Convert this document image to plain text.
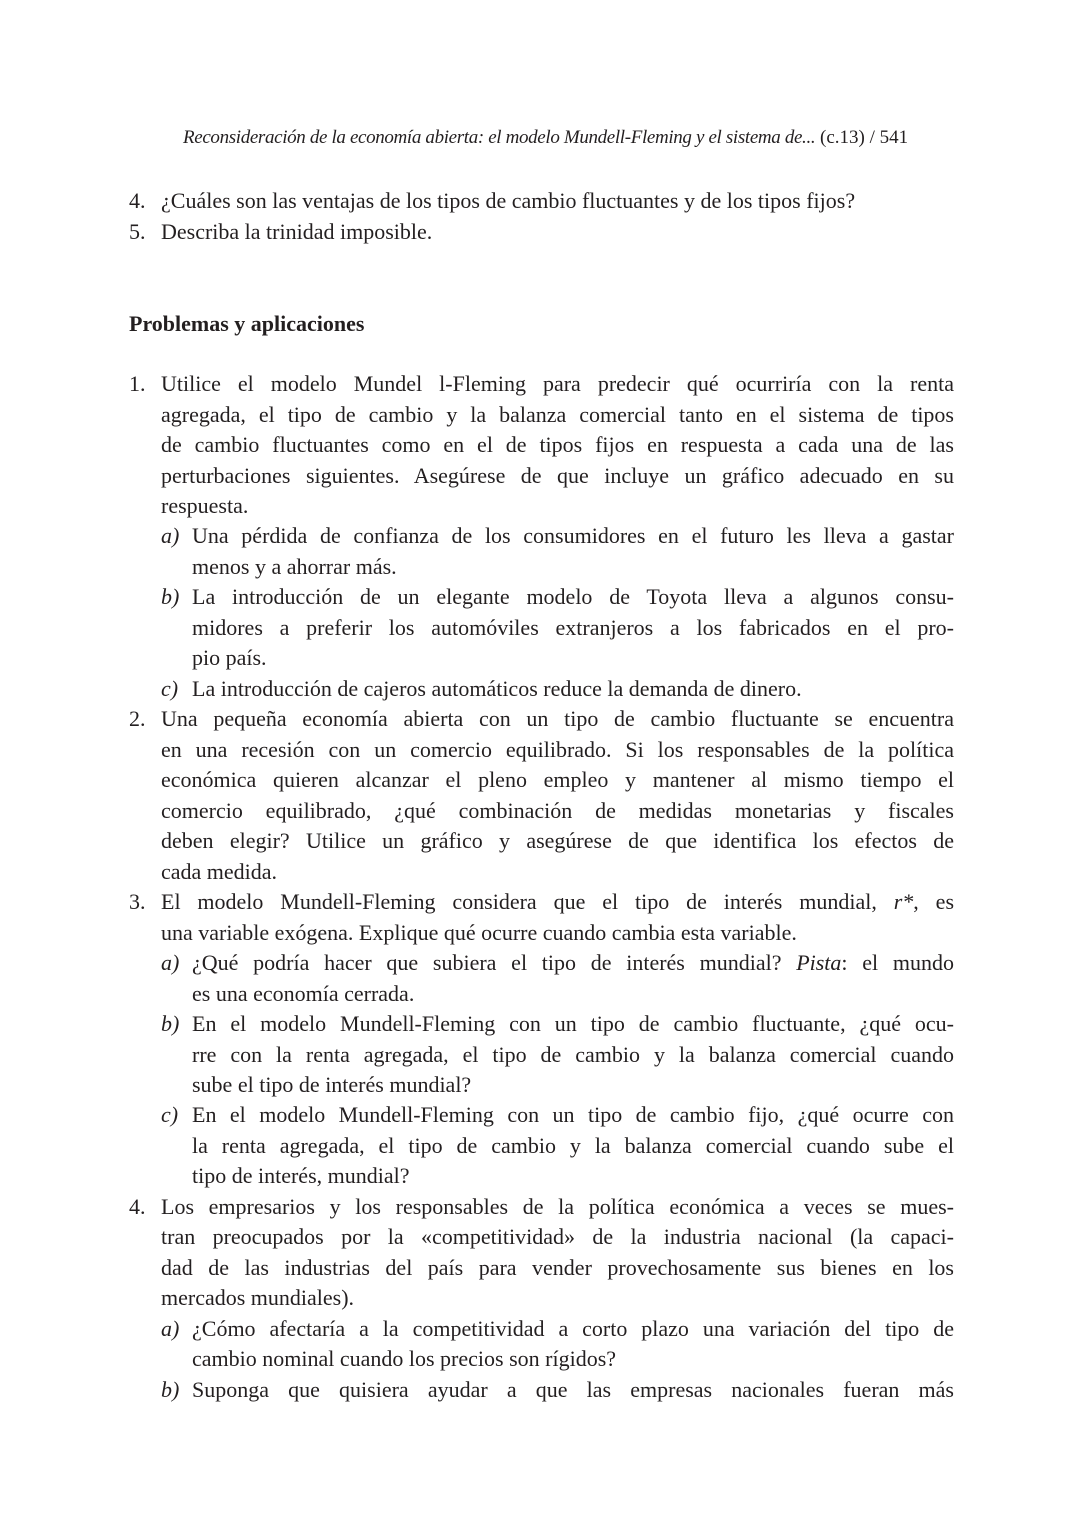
Reconsideración de la economía abierta: el modelo Mundell-Fleming y el sistema de... (c.13) / 541
4. ¿Cuáles son las ventajas de los tipos de cambio fluctuantes y de los tipos fijos?
5. Describa la trinidad imposible.
Problemas y aplicaciones
1. Utilice el modelo Mundel l-Fleming para predecir qué ocurriría con la renta
agregada, el tipo de cambio y la balanza comercial tanto en el sistema de tipos
de cambio fluctuantes como en el de tipos fijos en respuesta a cada una de las
perturbaciones siguientes. Asegúrese de que incluye un gráfico adecuado en su
respuesta.
a) Una pérdida de confianza de los consumidores en el futuro les lleva a gastar
menos y a ahorrar más.
b) La introducción de un elegante modelo de Toyota lleva a algunos consu-
midores a preferir los automóviles extranjeros a los fabricados en el pro-
pio país.
c) La introducción de cajeros automáticos reduce la demanda de dinero.
2. Una pequeña economía abierta con un tipo de cambio fluctuante se encuentra
en una recesión con un comercio equilibrado. Si los responsables de la política
económica quieren alcanzar el pleno empleo y mantener al mismo tiempo el
comercio equilibrado, ¿qué combinación de medidas monetarias y fiscales
deben elegir? Utilice un gráfico y asegúrese de que identifica los efectos de
cada medida.
3. El modelo Mundell-Fleming considera que el tipo de interés mundial, r*, es
una variable exógena. Explique qué ocurre cuando cambia esta variable.
a) ¿Qué podría hacer que subiera el tipo de interés mundial? Pista: el mundo
es una economía cerrada.
b) En el modelo Mundell-Fleming con un tipo de cambio fluctuante, ¿qué ocu-
rre con la renta agregada, el tipo de cambio y la balanza comercial cuando
sube el tipo de interés mundial?
c) En el modelo Mundell-Fleming con un tipo de cambio fijo, ¿qué ocurre con
la renta agregada, el tipo de cambio y la balanza comercial cuando sube el
tipo de interés, mundial?
4. Los empresarios y los responsables de la política económica a veces se mues-
tran preocupados por la «competitividad» de la industria nacional (la capaci-
dad de las industrias del país para vender provechosamente sus bienes en los
mercados mundiales).
a) ¿Cómo afectaría a la competitividad a corto plazo una variación del tipo de
cambio nominal cuando los precios son rígidos?
b) Suponga que quisiera ayudar a que las empresas nacionales fueran más
